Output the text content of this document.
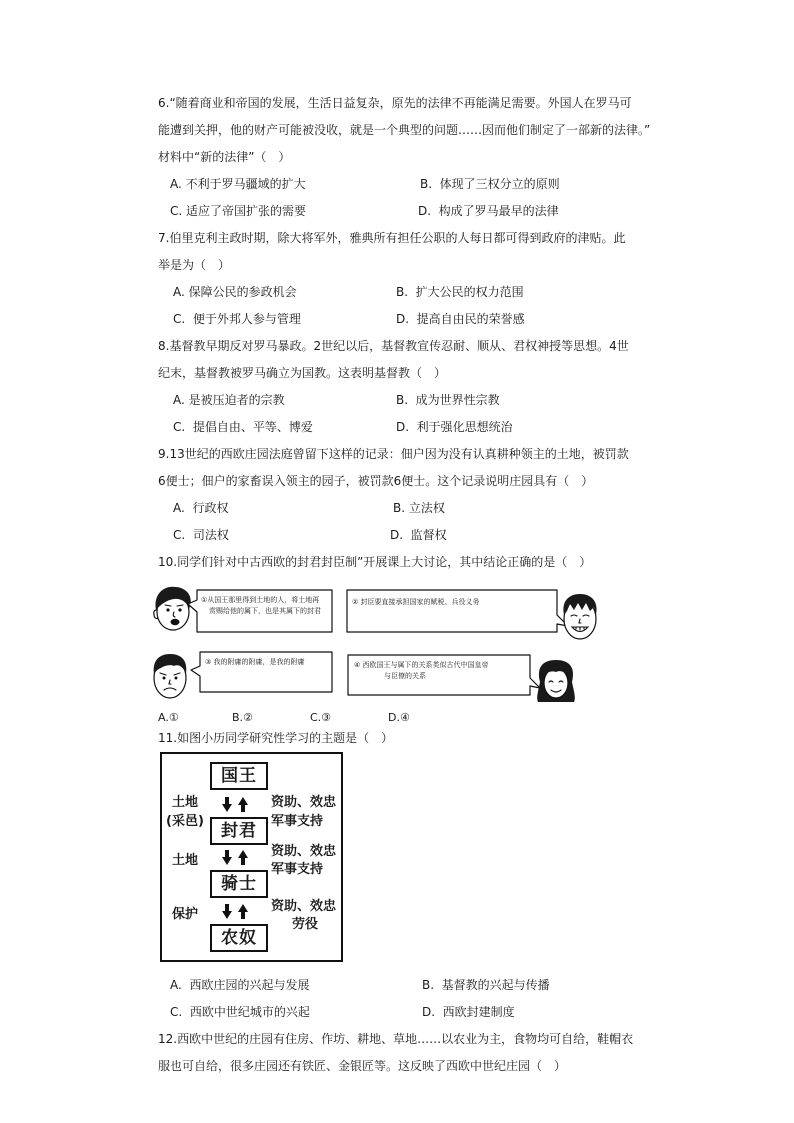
6.“随着商业和帝国的发展，生活日益复杂，原先的法律不再能满足需要。外国人在罗马可
能遭到关押，他的财产可能被没收，就是一个典型的问题……因而他们制定了一部新的法律。”
材料中“新的法律”（　）
A. 不利于罗马疆域的扩大	B.  体现了三权分立的原则
C. 适应了帝国扩张的需要	D.  构成了罗马最早的法律
7.伯里克利主政时期，除大将军外，雅典所有担任公职的人每日都可得到政府的津贴。此
举是为（　）
A. 保障公民的参政机会	B.  扩大公民的权力范围
C.  便于外邦人参与管理	D.  提高自由民的荣誉感
8.基督教早期反对罗马暴政。2世纪以后，基督教宣传忍耐、顺从、君权神授等思想。4世
纪末，基督教被罗马确立为国教。这表明基督教（　）
A. 是被压迫者的宗教	B.  成为世界性宗教
C.  提倡自由、平等、博爱	D.  利于强化思想统治
9.13世纪的西欧庄园法庭曾留下这样的记录：佃户因为没有认真耕种领主的土地，被罚款
6便士；佃户的家畜误入领主的园子，被罚款6便士。这个记录说明庄园具有（　）
A.  行政权	B. 立法权
C.  司法权	D.  监督权
10.同学们针对中古西欧的封君封臣制”开展课上大讨论，其中结论正确的是（　）
①从国王那里得到土地的人，将土地再
赏赐给他的属下，也是其属下的封君
② 封臣要直接承担国家的赋税、兵役义务
③ 我的附庸的附庸，是我的附庸	④ 西欧国王与属下的关系类似古代中国皇帝
与臣僚的关系
A.①	B.②	C.③	D.④
11.如图小历同学研究性学习的主题是（　）
国王
封君
骑士
农奴
土地
(采邑)
土地
保护
资助、效忠
军事支持
资助、效忠
军事支持
资助、效忠
劳役
A.  西欧庄园的兴起与发展	B.  基督教的兴起与传播
C.  西欧中世纪城市的兴起	D.  西欧封建制度
12.西欧中世纪的庄园有住房、作坊、耕地、草地……以农业为主，食物均可自给，鞋帽衣
服也可自给，很多庄园还有铁匠、金银匠等。这反映了西欧中世纪庄园（　）
